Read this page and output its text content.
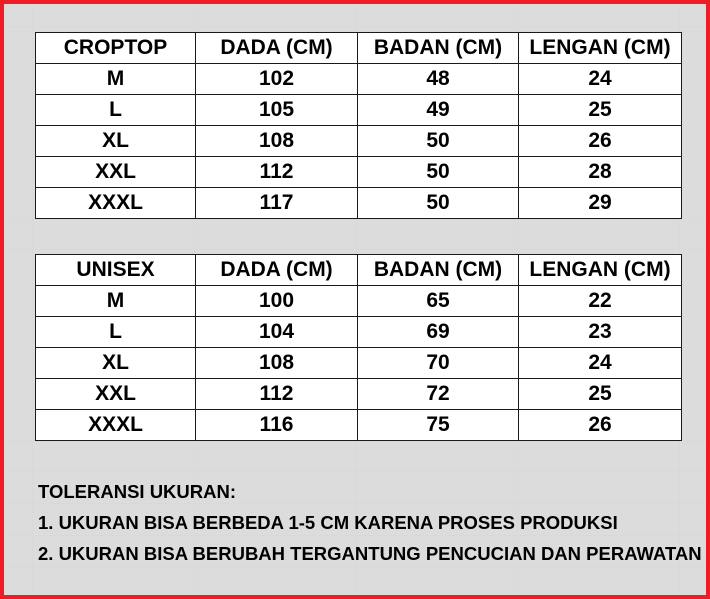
CROPTOP	DADA (CM)	BADAN (CM)	LENGAN (CM)
M	102	48	24
L	105	49	25
XL	108	50	26
XXL	112	50	28
XXXL	117	50	29
UNISEX	DADA (CM)	BADAN (CM)	LENGAN (CM)
M	100	65	22
L	104	69	23
XL	108	70	24
XXL	112	72	25
XXXL	116	75	26
TOLERANSI UKURAN:
1. UKURAN BISA BERBEDA 1-5 CM KARENA PROSES PRODUKSI
2. UKURAN BISA BERUBAH TERGANTUNG PENCUCIAN DAN PERAWATAN
